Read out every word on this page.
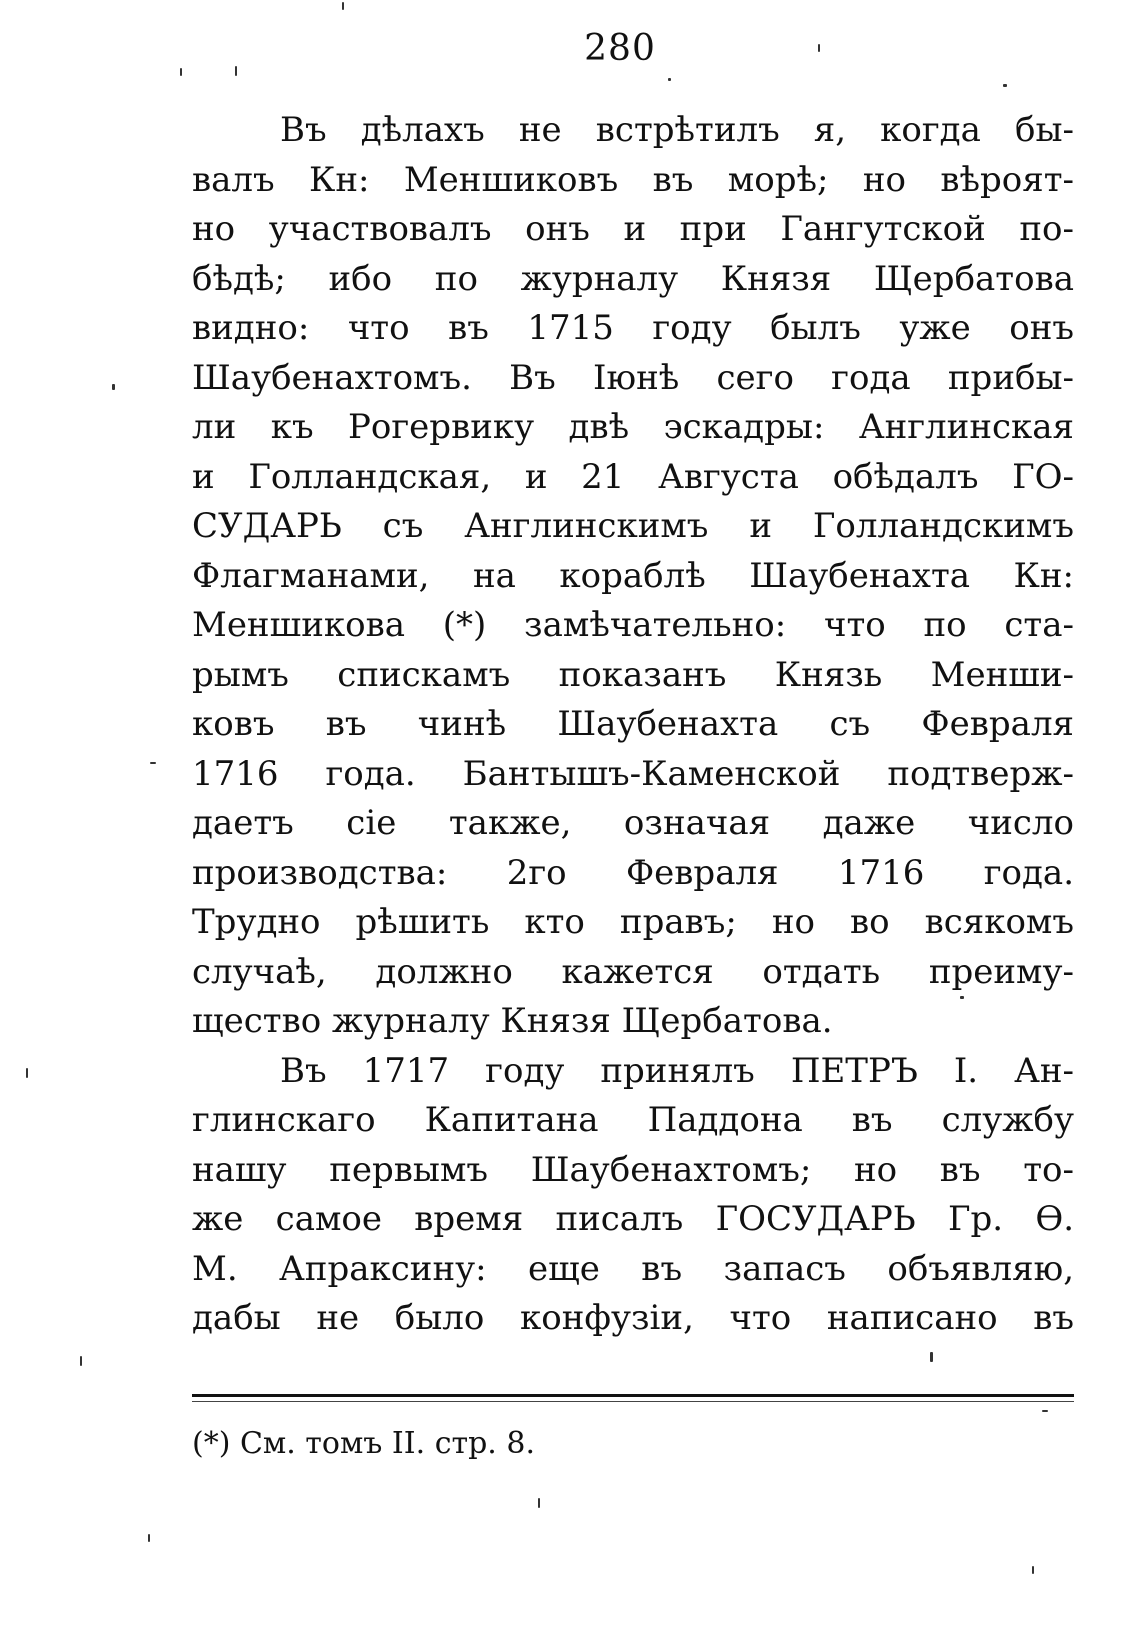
280
Въ дѣлахъ не встрѣтилъ я, когда бы-
валъ Кн: Меншиковъ въ морѣ; но вѣроят-
но участвовалъ онъ и при Гангутской по-
бѣдѣ; ибо по журналу Князя Щербатова
видно: что въ 1715 году былъ уже онъ
Шаубенахтомъ. Въ Іюнѣ сего года прибы-
ли къ Рогервику двѣ эскадры: Англинская
и Голландская, и 21 Августа обѣдалъ ГО-
СУДАРЬ съ Англинскимъ и Голландскимъ
Флагманами, на кораблѣ Шаубенахта Кн:
Меншикова (*) замѣчательно: что по ста-
рымъ спискамъ показанъ Князь Менши-
ковъ въ чинѣ Шаубенахта съ Февраля
1716 года. Бантышъ-Каменской подтверж-
даетъ сіе также, означая даже число
производства: 2го Февраля 1716 года.
Трудно рѣшить кто правъ; но во всякомъ
случаѣ, должно кажется отдать преиму-
щество журналу Князя Щербатова.
Въ 1717 году принялъ ПЕТРЪ I. Ан-
глинскаго Капитана Паддона въ службу
нашу первымъ Шаубенахтомъ; но въ то-
же самое время писалъ ГОСУДАРЬ Гр. Ѳ.
М. Апраксину: еще въ запасъ объявляю,
дабы не было конфузіи, что написано въ
(*) См. томъ II. стр. 8.
